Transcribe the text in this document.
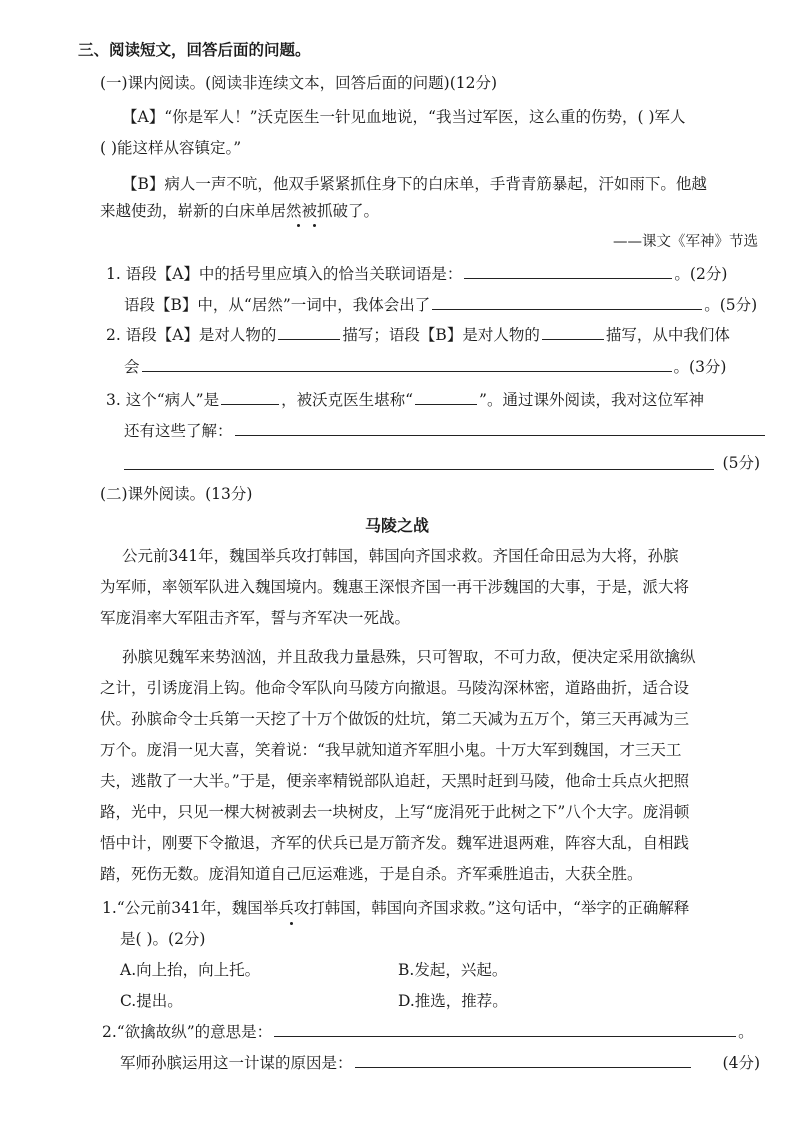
三、阅读短文，回答后面的问题。
(一)课内阅读。(阅读非连续文本，回答后面的问题)(12分)
【A】“你是军人！”沃克医生一针见血地说，“我当过军医，这么重的伤势，( )军人
( )能这样从容镇定。”
【B】病人一声不吭，他双手紧紧抓住身下的白床单，手背青筋暴起，汗如雨下。他越
来越使劲，崭新的白床单居然被抓破了。
——课文《军神》节选
1. 语段【A】中的括号里应填入的恰当关联词语是：	。(2分)
语段【B】中，从“居然”一词中，我体会出了	。(5分)
2. 语段【A】是对人物的	描写；语段【B】是对人物的	描写，从中我们体
会	。(3分)
3. 这个“病人”是	，被沃克医生堪称“	”。通过课外阅读，我对这位军神
还有这些了解：
(5分)
(二)课外阅读。(13分)
马陵之战
公元前341年，魏国举兵攻打韩国，韩国向齐国求救。齐国任命田忌为大将，孙膑
为军师，率领军队进入魏国境内。魏惠王深恨齐国一再干涉魏国的大事，于是，派大将
军庞涓率大军阻击齐军，誓与齐军决一死战。
孙膑见魏军来势汹汹，并且敌我力量悬殊，只可智取，不可力敌，便决定采用欲擒纵
之计，引诱庞涓上钩。他命令军队向马陵方向撤退。马陵沟深林密，道路曲折，适合设
伏。孙膑命令士兵第一天挖了十万个做饭的灶坑，第二天减为五万个，第三天再减为三
万个。庞涓一见大喜，笑着说：“我早就知道齐军胆小鬼。十万大军到魏国，才三天工
夫，逃散了一大半。”于是，便亲率精锐部队追赶，天黑时赶到马陵，他命士兵点火把照
路，光中，只见一棵大树被剥去一块树皮，上写“庞涓死于此树之下”八个大字。庞涓顿
悟中计，刚要下令撤退，齐军的伏兵已是万箭齐发。魏军进退两难，阵容大乱，自相践
踏，死伤无数。庞涓知道自己厄运难逃，于是自杀。齐军乘胜追击，大获全胜。
1.“公元前341年，魏国举兵攻打韩国，韩国向齐国求救。”这句话中，“举字的正确解释
是( )。(2分)
A.向上抬，向上托。	B.发起，兴起。
C.提出。	D.推选，推荐。
2.“欲擒故纵”的意思是：	。
军师孙膑运用这一计谋的原因是：	(4分)
